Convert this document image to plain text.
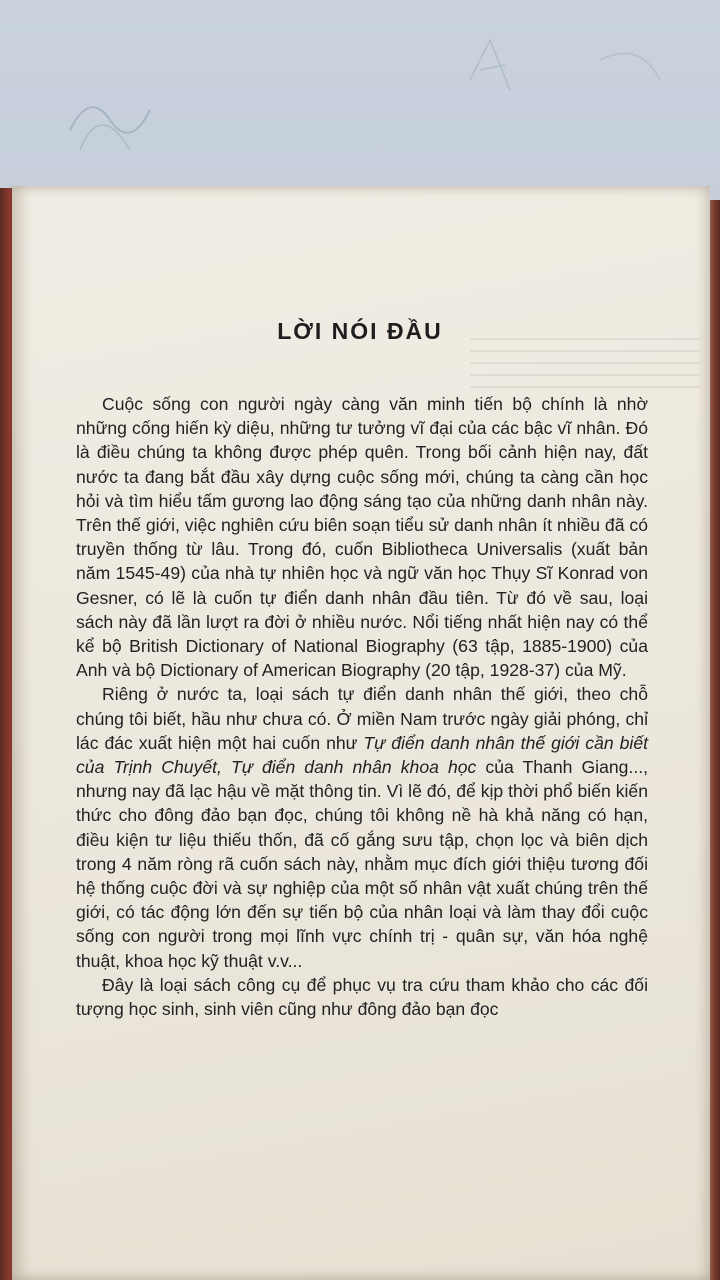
LỜI NÓI ĐẦU

Cuộc sống con người ngày càng văn minh tiến bộ chính là nhờ những cống hiến kỳ diệu, những tư tưởng vĩ đại của các bậc vĩ nhân. Đó là điều chúng ta không được phép quên. Trong bối cảnh hiện nay, đất nước ta đang bắt đầu xây dựng cuộc sống mới, chúng ta càng cần học hỏi và tìm hiểu tấm gương lao động sáng tạo của những danh nhân này. Trên thế giới, việc nghiên cứu biên soạn tiểu sử danh nhân ít nhiều đã có truyền thống từ lâu. Trong đó, cuốn Bibliotheca Universalis (xuất bản năm 1545-49) của nhà tự nhiên học và ngữ văn học Thụy Sĩ Konrad von Gesner, có lẽ là cuốn tự điển danh nhân đầu tiên. Từ đó về sau, loại sách này đã lần lượt ra đời ở nhiều nước. Nổi tiếng nhất hiện nay có thể kể bộ British Dictionary of National Biography (63 tập, 1885-1900) của Anh và bộ Dictionary of American Biography (20 tập, 1928-37) của Mỹ.

Riêng ở nước ta, loại sách tự điển danh nhân thế giới, theo chỗ chúng tôi biết, hầu như chưa có. Ở miền Nam trước ngày giải phóng, chỉ lác đác xuất hiện một hai cuốn như Tự điển danh nhân thế giới cần biết của Trịnh Chuyết, Tự điển danh nhân khoa học của Thanh Giang..., nhưng nay đã lạc hậu về mặt thông tin. Vì lẽ đó, để kịp thời phổ biến kiến thức cho đông đảo bạn đọc, chúng tôi không nề hà khả năng có hạn, điều kiện tư liệu thiếu thốn, đã cố gắng sưu tập, chọn lọc và biên dịch trong 4 năm ròng rã cuốn sách này, nhằm mục đích giới thiệu tương đối hệ thống cuộc đời và sự nghiệp của một số nhân vật xuất chúng trên thế giới, có tác động lớn đến sự tiến bộ của nhân loại và làm thay đổi cuộc sống con người trong mọi lĩnh vực chính trị - quân sự, văn hóa nghệ thuật, khoa học kỹ thuật v.v...

Đây là loại sách công cụ để phục vụ tra cứu tham khảo cho các đối tượng học sinh, sinh viên cũng như đông đảo bạn đọc
